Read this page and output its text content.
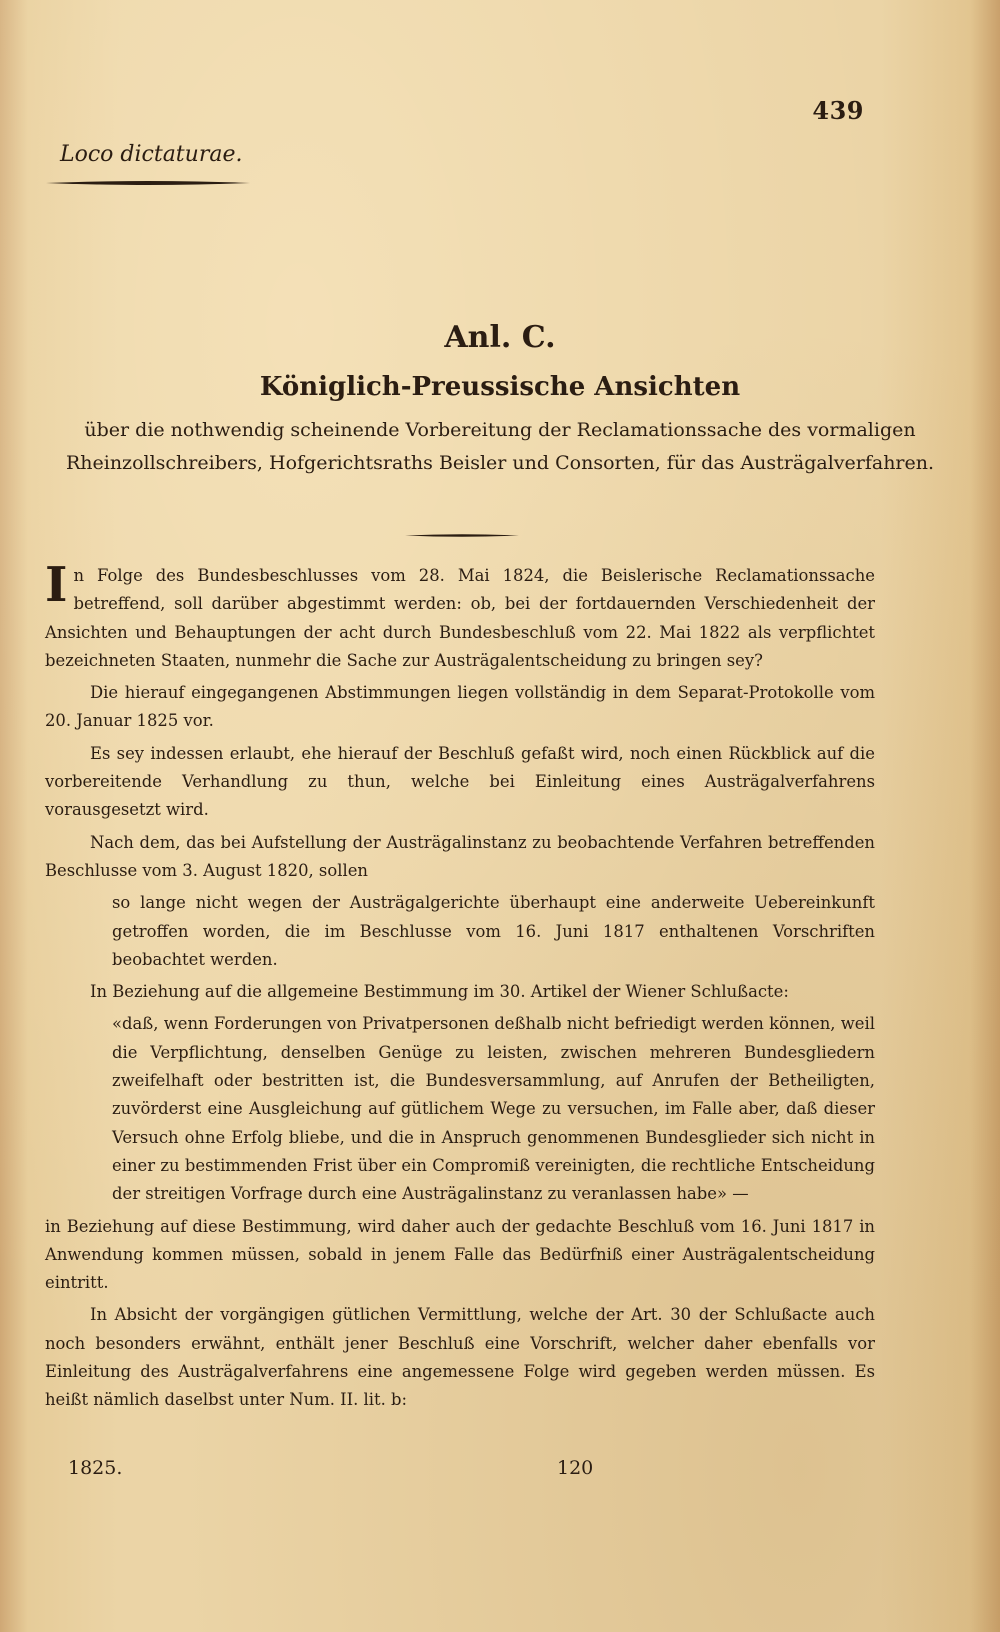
439
Loco dictaturae.
Anl. C.
Königlich-Preussische Ansichten
über die nothwendig scheinende Vorbereitung der Reclamationssache des vormaligen Rheinzollschreibers, Hofgerichtsraths Beisler und Consorten, für das Austrägalverfahren.

In Folge des Bundesbeschlusses vom 28. Mai 1824, die Beislerische Reclamationssache betreffend, soll darüber abgestimmt werden: ob, bei der fortdauernden Verschiedenheit der Ansichten und Behauptungen der acht durch Bundesbeschluß vom 22. Mai 1822 als verpflichtet bezeichneten Staaten, nunmehr die Sache zur Austrägalentscheidung zu bringen sey?

Die hierauf eingegangenen Abstimmungen liegen vollständig in dem Separat-Protokolle vom 20. Januar 1825 vor.

Es sey indessen erlaubt, ehe hierauf der Beschluß gefaßt wird, noch einen Rückblick auf die vorbereitende Verhandlung zu thun, welche bei Einleitung eines Austrägalverfahrens vorausgesetzt wird.

Nach dem, das bei Aufstellung der Austrägalinstanz zu beobachtende Verfahren betreffenden Beschlusse vom 3. August 1820, sollen

so lange nicht wegen der Austrägalgerichte überhaupt eine anderweite Uebereinkunft getroffen worden, die im Beschlusse vom 16. Juni 1817 enthaltenen Vorschriften beobachtet werden.

In Beziehung auf die allgemeine Bestimmung im 30. Artikel der Wiener Schlußacte:

«daß, wenn Forderungen von Privatpersonen deßhalb nicht befriedigt werden können, weil die Verpflichtung, denselben Genüge zu leisten, zwischen mehreren Bundesgliedern zweifelhaft oder bestritten ist, die Bundesversammlung, auf Anrufen der Betheiligten, zuvörderst eine Ausgleichung auf gütlichem Wege zu versuchen, im Falle aber, daß dieser Versuch ohne Erfolg bliebe, und die in Anspruch genommenen Bundesglieder sich nicht in einer zu bestimmenden Frist über ein Compromiß vereinigten, die rechtliche Entscheidung der streitigen Vorfrage durch eine Austrägalinstanz zu veranlassen habe» —

in Beziehung auf diese Bestimmung, wird daher auch der gedachte Beschluß vom 16. Juni 1817 in Anwendung kommen müssen, sobald in jenem Falle das Bedürfniß einer Austrägalentscheidung eintritt.

In Absicht der vorgängigen gütlichen Vermittlung, welche der Art. 30 der Schlußacte auch noch besonders erwähnt, enthält jener Beschluß eine Vorschrift, welcher daher ebenfalls vor Einleitung des Austrägalverfahrens eine angemessene Folge wird gegeben werden müssen. Es heißt nämlich daselbst unter Num. II. lit. b:

1825.	120
